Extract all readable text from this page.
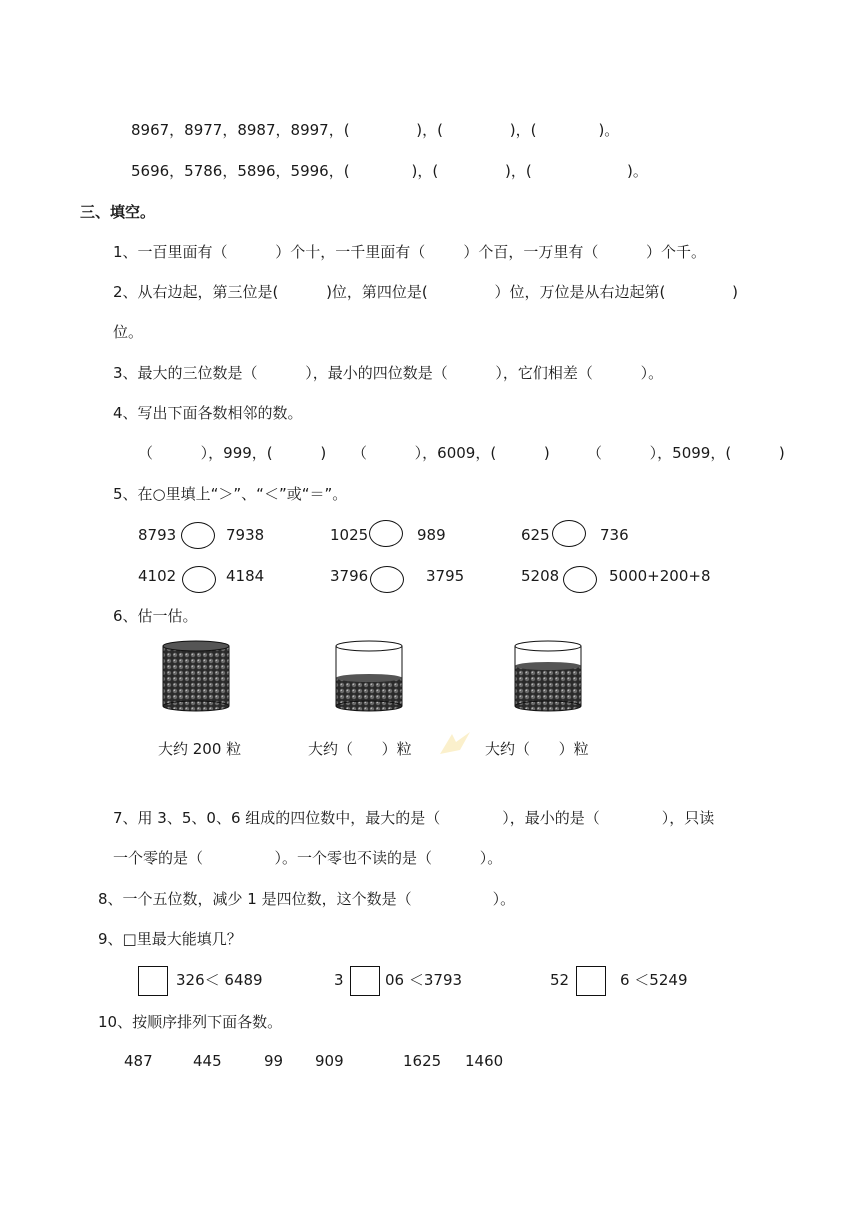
8967，8977，8987，8997，(              )，(              )，(             )。
5696，5786，5896，5996，(             )，(              )，(                    )。
三、填空。
1、一百里面有（          ）个十，一千里面有（        ）个百，一万里有（          ）个千。
2、从右边起，第三位是(          )位，第四位是(              ）位，万位是从右边起第(              )
位。
3、最大的三位数是（          ），最小的四位数是（          ），它们相差（          ）。
4、写出下面各数相邻的数。
（          ），999，(          ) （          ），6009，(          ) （          ），5099，(          )
5、在○里填上“＞”、“＜”或“＝”。
8793	7938	1025	989	625	736
4102	4184	3796	3795	5208	5000+200+8
6、估一估。
大约 200 粒	大约（      ）粒	大约（      ）粒
7、用 3、5、0、6 组成的四位数中，最大的是（             ），最小的是（             ），只读
一个零的是（               ）。一个零也不读的是（          ）。
8、一个五位数，减少 1 是四位数，这个数是（                 ）。
9、□里最大能填几？
326＜ 6489	3	06 ＜3793	52	6 ＜5249
10、按顺序排列下面各数。
487	445	99 909	1625 1460
